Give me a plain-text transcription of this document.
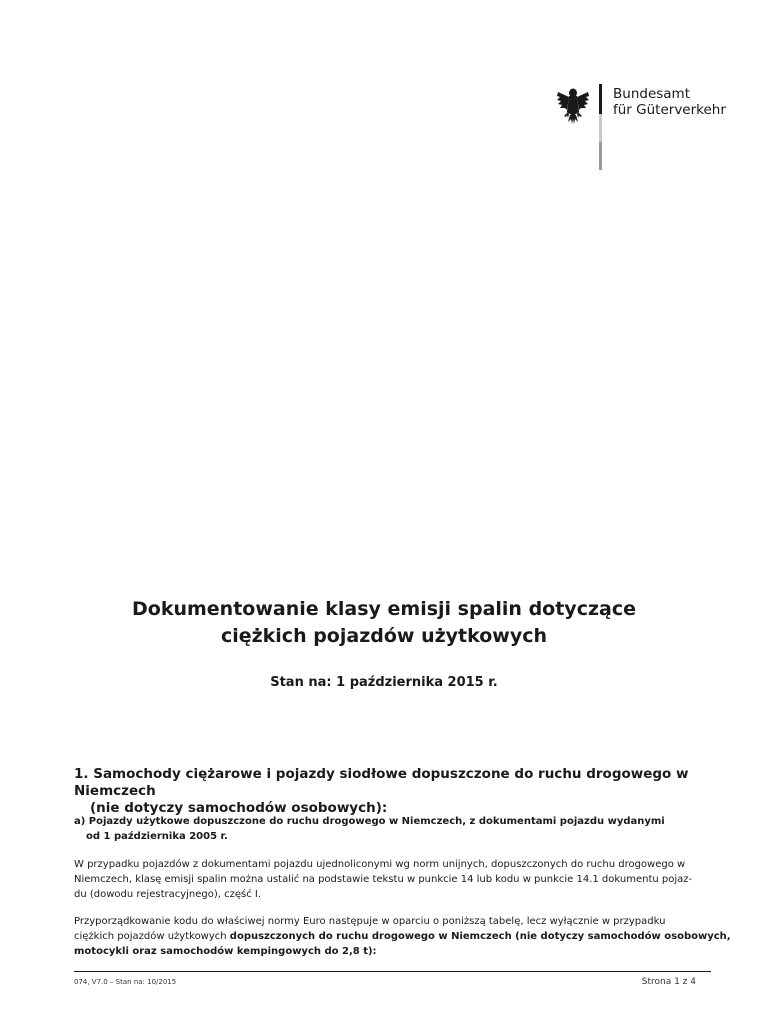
Bundesamt
für Güterverkehr
Dokumentowanie klasy emisji spalin dotyczące
ciężkich pojazdów użytkowych
Stan na: 1 października 2015 r.
1. Samochody ciężarowe i pojazdy siodłowe dopuszczone do ruchu drogowego w Niemczech
(nie dotyczy samochodów osobowych):
a) Pojazdy użytkowe dopuszczone do ruchu drogowego w Niemczech, z dokumentami pojazdu wydanymi
od 1 października 2005 r.
W przypadku pojazdów z dokumentami pojazdu ujednoliconymi wg norm unijnych, dopuszczonych do ruchu drogowego w
Niemczech, klasę emisji spalin można ustalić na podstawie tekstu w punkcie 14 lub kodu w punkcie 14.1 dokumentu pojaz-
du (dowodu rejestracyjnego), część I.
Przyporządkowanie kodu do właściwej normy Euro następuje w oparciu o poniższą tabelę, lecz wyłącznie w przypadku
ciężkich pojazdów użytkowych dopuszczonych do ruchu drogowego w Niemczech (nie dotyczy samochodów osobowych,
motocykli oraz samochodów kempingowych do 2,8 t):
074, V7.0 – Stan na: 10/2015	Strona 1 z 4
